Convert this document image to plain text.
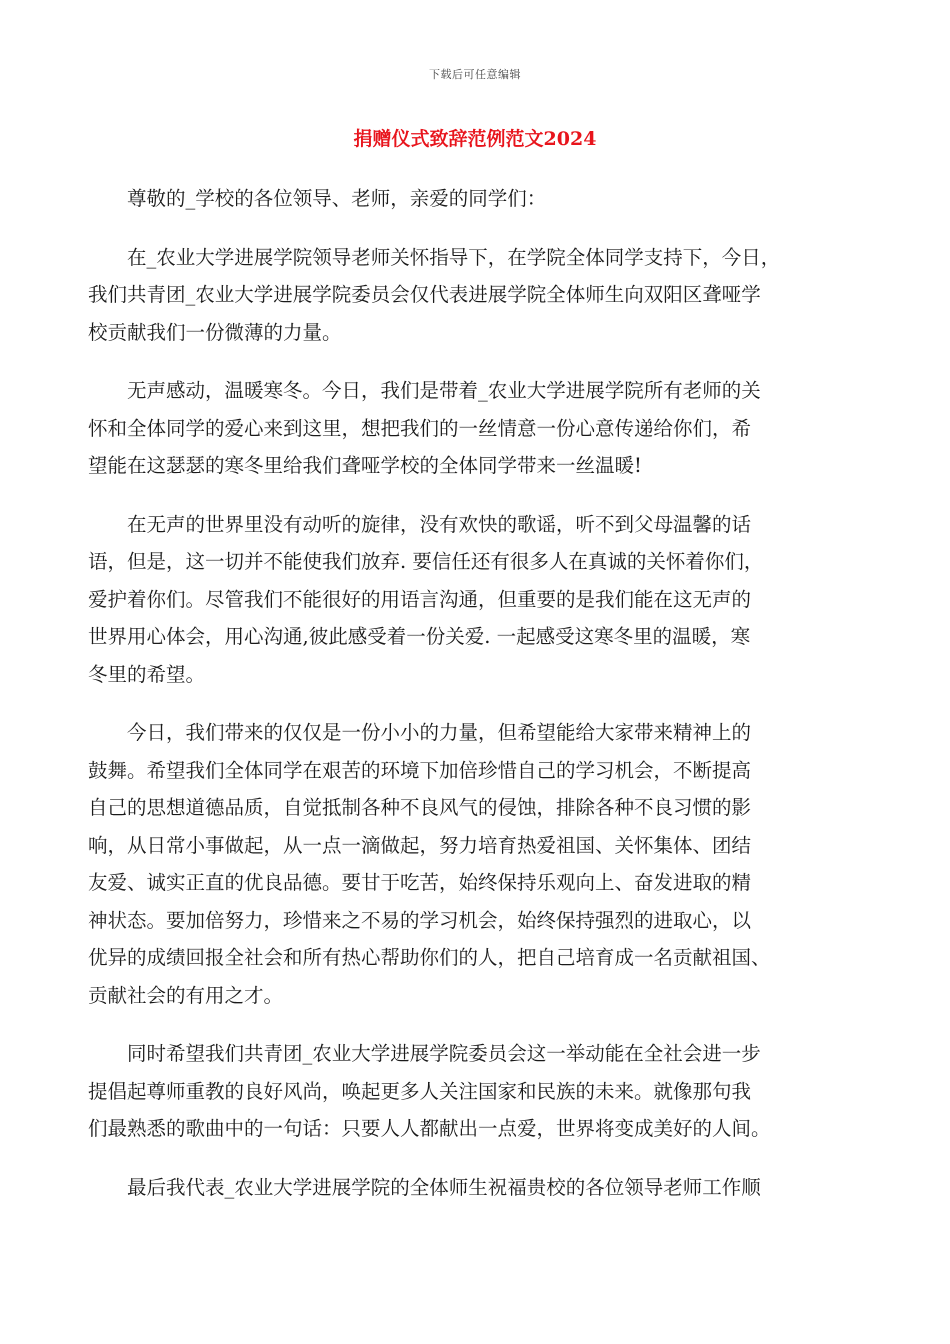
下载后可任意编辑
捐赠仪式致辞范例范文2024

尊敬的_学校的各位领导、老师，亲爱的同学们：

在_农业大学进展学院领导老师关怀指导下，在学院全体同学支持下，今日，
我们共青团_农业大学进展学院委员会仅代表进展学院全体师生向双阳区聋哑学
校贡献我们一份微薄的力量。

无声感动，温暖寒冬。今日，我们是带着_农业大学进展学院所有老师的关
怀和全体同学的爱心来到这里，想把我们的一丝情意一份心意传递给你们，希
望能在这瑟瑟的寒冬里给我们聋哑学校的全体同学带来一丝温暖!

在无声的世界里没有动听的旋律，没有欢快的歌谣，听不到父母温馨的话
语，但是，这一切并不能使我们放弃. 要信任还有很多人在真诚的关怀着你们，
爱护着你们。尽管我们不能很好的用语言沟通，但重要的是我们能在这无声的
世界用心体会，用心沟通,彼此感受着一份关爱. 一起感受这寒冬里的温暖，寒
冬里的希望。

今日，我们带来的仅仅是一份小小的力量，但希望能给大家带来精神上的
鼓舞。希望我们全体同学在艰苦的环境下加倍珍惜自己的学习机会，不断提高
自己的思想道德品质，自觉抵制各种不良风气的侵蚀，排除各种不良习惯的影
响，从日常小事做起，从一点一滴做起，努力培育热爱祖国、关怀集体、团结
友爱、诚实正直的优良品德。要甘于吃苦，始终保持乐观向上、奋发进取的精
神状态。要加倍努力，珍惜来之不易的学习机会，始终保持强烈的进取心，以
优异的成绩回报全社会和所有热心帮助你们的人，把自己培育成一名贡献祖国、
贡献社会的有用之才。

同时希望我们共青团_农业大学进展学院委员会这一举动能在全社会进一步
提倡起尊师重教的良好风尚，唤起更多人关注国家和民族的未来。就像那句我
们最熟悉的歌曲中的一句话：只要人人都献出一点爱，世界将变成美好的人间。

最后我代表_农业大学进展学院的全体师生祝福贵校的各位领导老师工作顺
